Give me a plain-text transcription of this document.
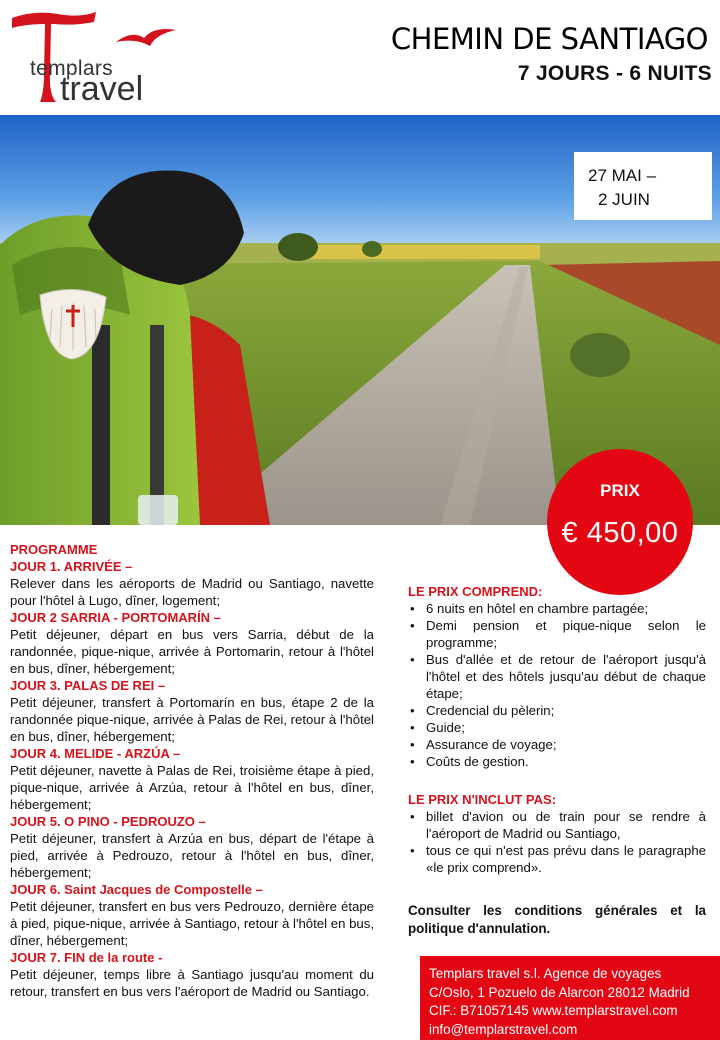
templars
travel
CHEMIN DE SANTIAGO
7 JOURS - 6 NUITS
27 MAI –
2 JUIN
PRIX
€ 450,00
PROGRAMME
JOUR 1. ARRIVÉE –
Relever dans les aéroports de Madrid ou Santiago, navette pour l'hôtel à Lugo, dîner, logement;
JOUR 2 SARRIA - PORTOMARÍN –
Petit déjeuner, départ en bus vers Sarria, début de la randonnée, pique-nique, arrivée à Portomarin, retour à l'hôtel en bus, dîner, hébergement;
JOUR 3. PALAS DE REI –
Petit déjeuner, transfert à Portomarín en bus, étape 2 de la randonnée pique-nique, arrivée à Palas de Rei, retour à l'hôtel en bus, dîner, hébergement;
JOUR 4. MELIDE - ARZÚA –
Petit déjeuner, navette à Palas de Rei, troisième étape à pied, pique-nique, arrivée à Arzúa, retour à l'hôtel en bus, dîner, hébergement;
JOUR 5. O PINO - PEDROUZO –
Petit déjeuner, transfert à Arzúa en bus, départ de l'étape à pied, arrivée à Pedrouzo, retour à l'hôtel en bus, dîner, hébergement;
JOUR 6. Saint Jacques de Compostelle –
Petit déjeuner, transfert en bus vers Pedrouzo, dernière étape à pied, pique-nique, arrivée à Santiago, retour à l'hôtel en bus, dîner, hébergement;
JOUR 7. FIN de la route -
Petit déjeuner, temps libre à Santiago jusqu'au moment du retour, transfert en bus vers l'aéroport de Madrid ou Santiago.
LE PRIX COMPREND:
• 6 nuits en hôtel en chambre partagée;
• Demi pension et pique-nique selon le programme;
• Bus d'allée et de retour de l'aéroport jusqu'à l'hôtel et des hôtels jusqu'au début de chaque étape;
• Credencial du pèlerin;
• Guide;
• Assurance de voyage;
• Coûts de gestion.
LE PRIX N'INCLUT PAS:
• billet d'avion ou de train pour se rendre à l'aéroport de Madrid ou Santiago,
• tous ce qui n'est pas prévu dans le paragraphe «le prix comprend».
Consulter les conditions générales et la politique d'annulation.
Templars travel s.l. Agence de voyages
C/Oslo, 1 Pozuelo de Alarcon 28012 Madrid
CIF.: B71057145 www.templarstravel.com
info@templarstravel.com
